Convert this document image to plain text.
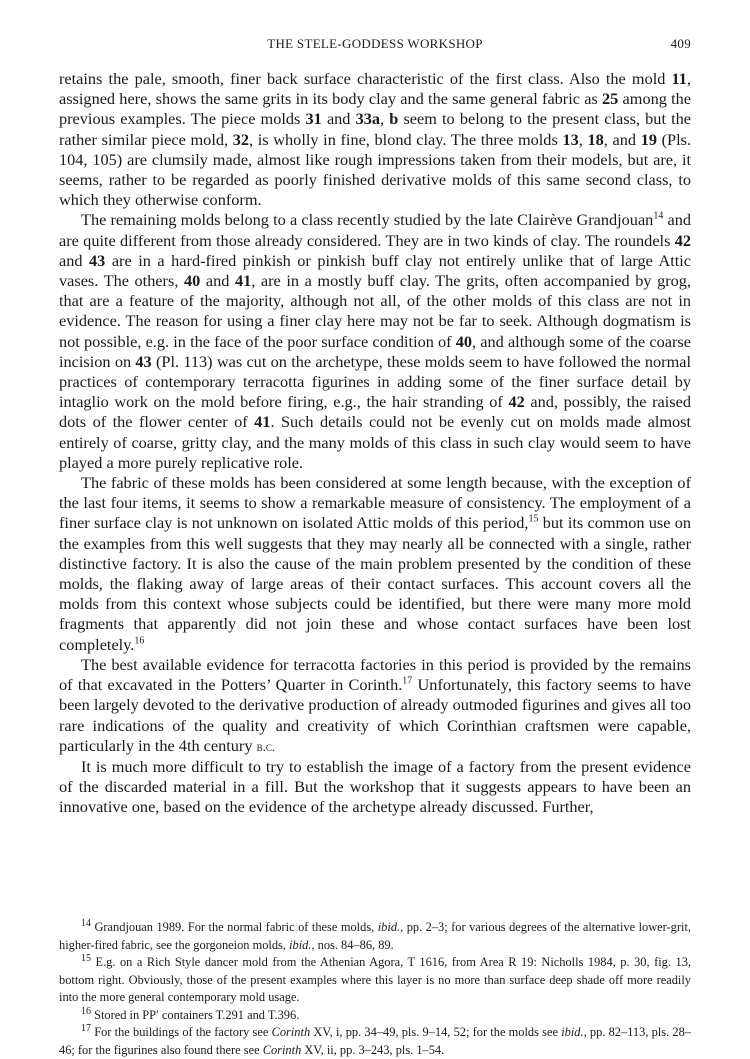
THE STELE-GODDESS WORKSHOP	409

retains the pale, smooth, finer back surface characteristic of the first class. Also the mold 11, assigned here, shows the same grits in its body clay and the same general fabric as 25 among the previous examples. The piece molds 31 and 33a, b seem to belong to the present class, but the rather similar piece mold, 32, is wholly in fine, blond clay. The three molds 13, 18, and 19 (Pls. 104, 105) are clumsily made, almost like rough impressions taken from their models, but are, it seems, rather to be regarded as poorly finished derivative molds of this same second class, to which they otherwise conform.

The remaining molds belong to a class recently studied by the late Clairève Grandjouan$^{14}$ and are quite different from those already considered. They are in two kinds of clay. The roundels 42 and 43 are in a hard-fired pinkish or pinkish buff clay not entirely unlike that of large Attic vases. The others, 40 and 41, are in a mostly buff clay. The grits, often accompanied by grog, that are a feature of the majority, although not all, of the other molds of this class are not in evidence. The reason for using a finer clay here may not be far to seek. Although dogmatism is not possible, e.g. in the face of the poor surface condition of 40, and although some of the coarse incision on 43 (Pl. 113) was cut on the archetype, these molds seem to have followed the normal practices of contemporary terracotta figurines in adding some of the finer surface detail by intaglio work on the mold before firing, e.g., the hair stranding of 42 and, possibly, the raised dots of the flower center of 41. Such details could not be evenly cut on molds made almost entirely of coarse, gritty clay, and the many molds of this class in such clay would seem to have played a more purely replicative role.

The fabric of these molds has been considered at some length because, with the exception of the last four items, it seems to show a remarkable measure of consistency. The employment of a finer surface clay is not unknown on isolated Attic molds of this period,$^{15}$ but its common use on the examples from this well suggests that they may nearly all be connected with a single, rather distinctive factory. It is also the cause of the main problem presented by the condition of these molds, the flaking away of large areas of their contact surfaces. This account covers all the molds from this context whose subjects could be identified, but there were many more mold fragments that apparently did not join these and whose contact surfaces have been lost completely.$^{16}$

The best available evidence for terracotta factories in this period is provided by the remains of that excavated in the Potters’ Quarter in Corinth.$^{17}$ Unfortunately, this factory seems to have been largely devoted to the derivative production of already outmoded figurines and gives all too rare indications of the quality and creativity of which Corinthian craftsmen were capable, particularly in the 4th century b.c.

It is much more difficult to try to establish the image of a factory from the present evidence of the discarded material in a fill. But the workshop that it suggests appears to have been an innovative one, based on the evidence of the archetype already discussed. Further,

$^{14}$ Grandjouan 1989. For the normal fabric of these molds, ibid., pp. 2–3; for various degrees of the alternative lower-grit, higher-fired fabric, see the gorgoneion molds, ibid., nos. 84–86, 89.

$^{15}$ E.g. on a Rich Style dancer mold from the Athenian Agora, T 1616, from Area R 19: Nicholls 1984, p. 30, fig. 13, bottom right. Obviously, those of the present examples where this layer is no more than surface deep shade off more readily into the more general contemporary mold usage.

$^{16}$ Stored in PP′ containers T.291 and T.396.

$^{17}$ For the buildings of the factory see Corinth XV, i, pp. 34–49, pls. 9–14, 52; for the molds see ibid., pp. 82–113, pls. 28–46; for the figurines also found there see Corinth XV, ii, pp. 3–243, pls. 1–54.
